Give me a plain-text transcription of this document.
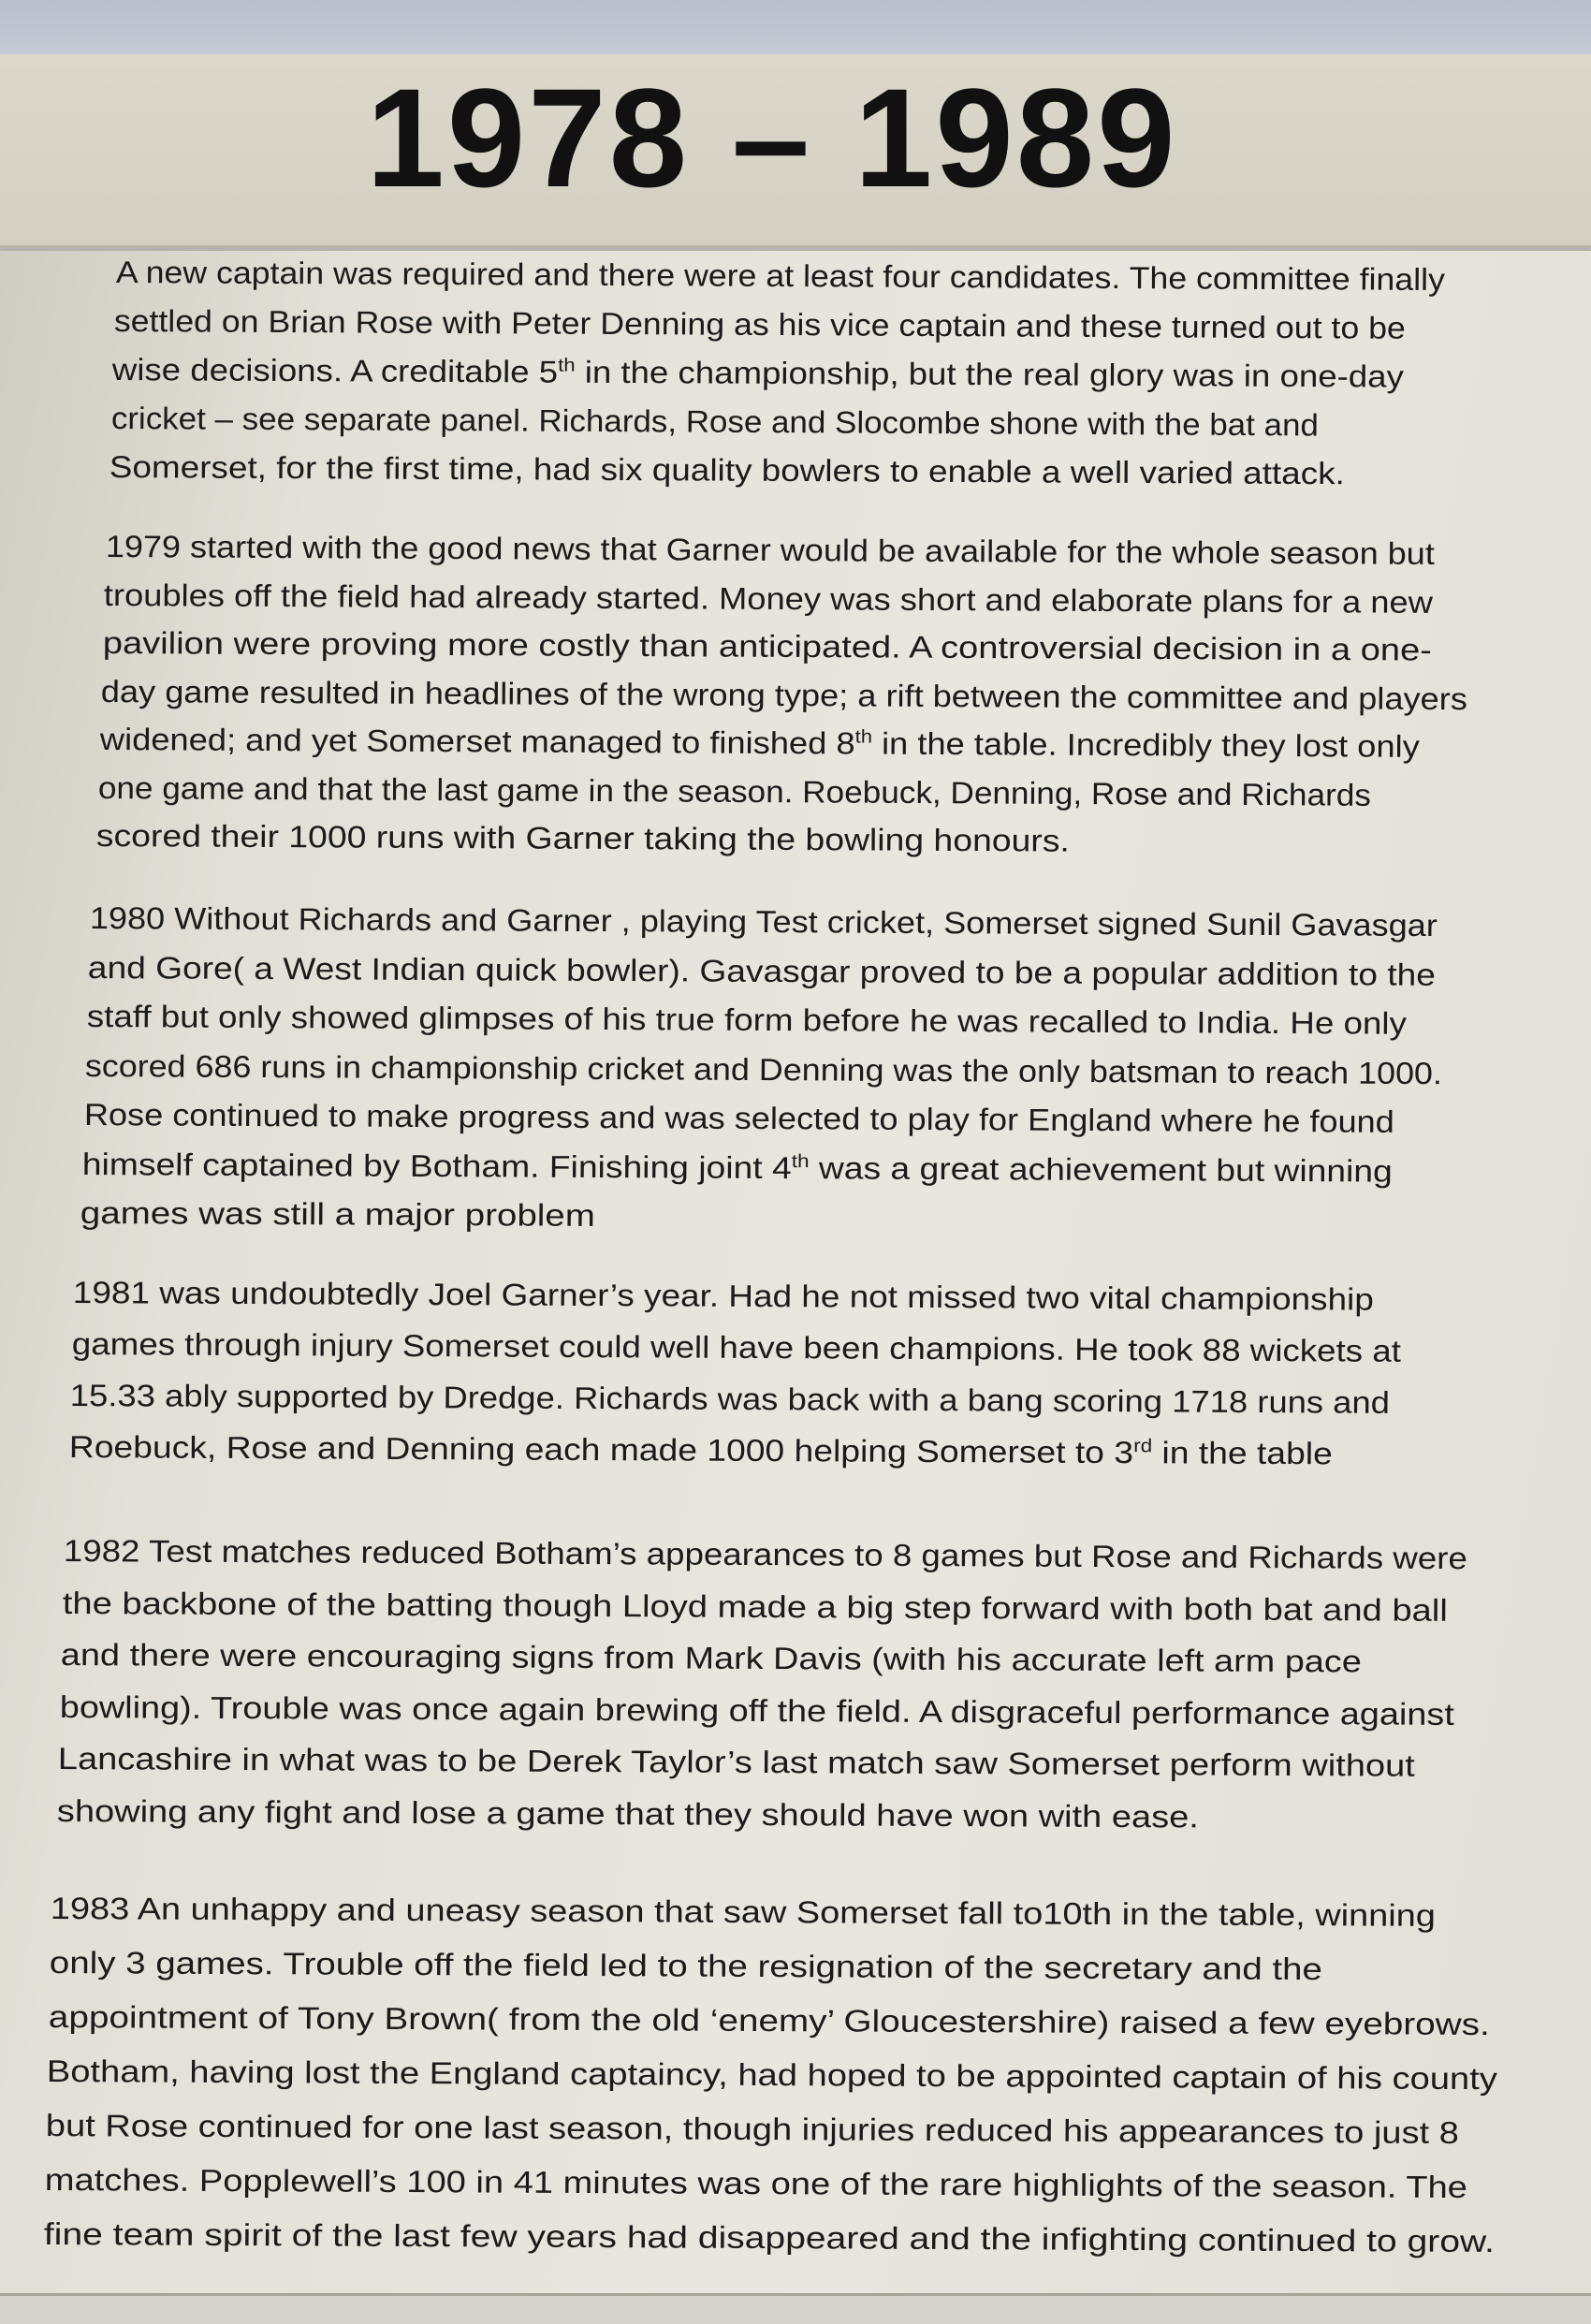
1978 – 1989
A new captain was required and there were at least four candidates. The committee finally
settled on Brian Rose with Peter Denning as his vice captain and these turned out to be
wise decisions. A creditable 5th in the championship, but the real glory was in one-day
cricket – see separate panel. Richards, Rose and Slocombe shone with the bat and
Somerset, for the first time, had six quality bowlers to enable a well varied attack.
1979 started with the good news that Garner would be available for the whole season but
troubles off the field had already started. Money was short and elaborate plans for a new
pavilion were proving more costly than anticipated. A controversial decision in a one-
day game resulted in headlines of the wrong type; a rift between the committee and players
widened; and yet Somerset managed to finished 8th in the table. Incredibly they lost only
one game and that the last game in the season. Roebuck, Denning, Rose and Richards
scored their 1000 runs with Garner taking the bowling honours.
1980 Without Richards and Garner , playing Test cricket, Somerset signed Sunil Gavasgar
and Gore( a West Indian quick bowler). Gavasgar proved to be a popular addition to the
staff but only showed glimpses of his true form before he was recalled to India. He only
scored 686 runs in championship cricket and Denning was the only batsman to reach 1000.
Rose continued to make progress and was selected to play for England where he found
himself captained by Botham. Finishing joint 4th was a great achievement but winning
games was still a major problem
1981 was undoubtedly Joel Garner’s year. Had he not missed two vital championship
games through injury Somerset could well have been champions. He took 88 wickets at
15.33 ably supported by Dredge. Richards was back with a bang scoring 1718 runs and
Roebuck, Rose and Denning each made 1000 helping Somerset to 3rd in the table
1982 Test matches reduced Botham’s appearances to 8 games but Rose and Richards were
the backbone of the batting though Lloyd made a big step forward with both bat and ball
and there were encouraging signs from Mark Davis (with his accurate left arm pace
bowling). Trouble was once again brewing off the field. A disgraceful performance against
Lancashire in what was to be Derek Taylor’s last match saw Somerset perform without
showing any fight and lose a game that they should have won with ease.
1983 An unhappy and uneasy season that saw Somerset fall to10th in the table, winning
only 3 games. Trouble off the field led to the resignation of the secretary and the
appointment of Tony Brown( from the old ‘enemy’ Gloucestershire) raised a few eyebrows.
Botham, having lost the England captaincy, had hoped to be appointed captain of his county
but Rose continued for one last season, though injuries reduced his appearances to just 8
matches. Popplewell’s 100 in 41 minutes was one of the rare highlights of the season. The
fine team spirit of the last few years had disappeared and the infighting continued to grow.
